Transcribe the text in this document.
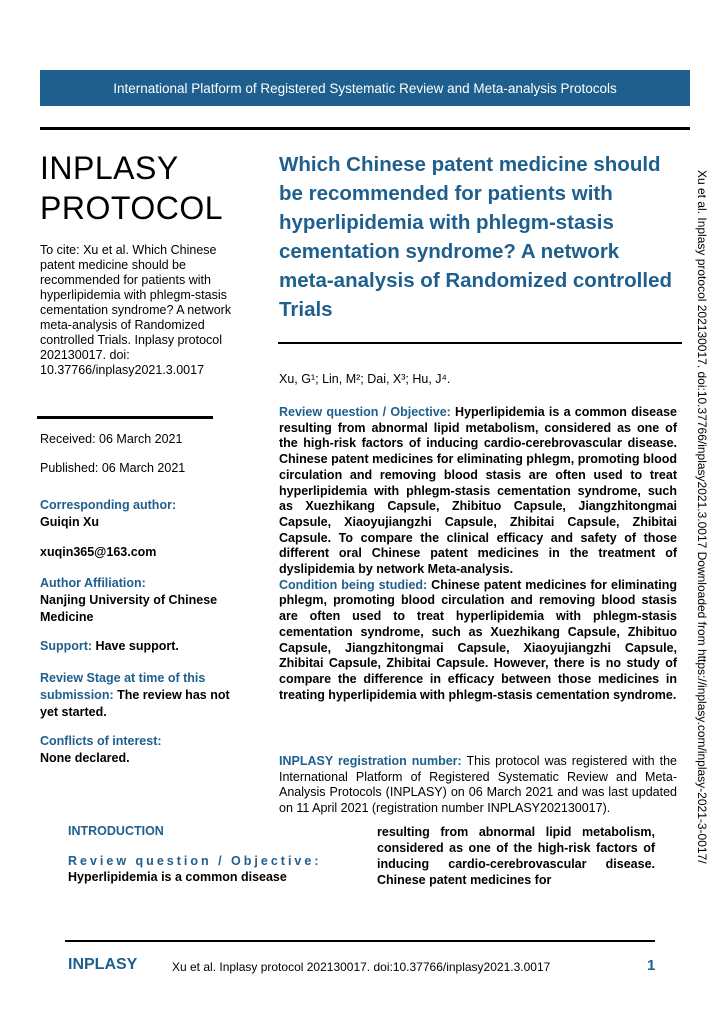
International Platform of Registered Systematic Review and Meta-analysis Protocols
INPLASY
PROTOCOL
To cite: Xu et al. Which Chinese patent medicine should be recommended for patients with hyperlipidemia with phlegm-stasis cementation syndrome? A network meta-analysis of Randomized controlled Trials. Inplasy protocol 202130017. doi:
10.37766/inplasy2021.3.0017
Received: 06 March 2021
Published: 06 March 2021
Corresponding author:
Guiqin Xu
xuqin365@163.com
Author Affiliation:
Nanjing University of Chinese Medicine
Support: Have support.
Review Stage at time of this submission: The review has not yet started.
Conflicts of interest:
None declared.
Which Chinese patent medicine should be recommended for patients with hyperlipidemia with phlegm-stasis cementation syndrome? A network meta-analysis of Randomized controlled Trials
Xu, G¹; Lin, M²; Dai, X³; Hu, J⁴.

Review question / Objective: Hyperlipidemia is a common disease resulting from abnormal lipid metabolism, considered as one of the high-risk factors of inducing cardio-cerebrovascular disease. Chinese patent medicines for eliminating phlegm, promoting blood circulation and removing blood stasis are often used to treat hyperlipidemia with phlegm-stasis cementation syndrome, such as Xuezhikang Capsule, Zhibituo Capsule, Jiangzhitongmai Capsule, Xiaoyujiangzhi Capsule, Zhibitai Capsule, Zhibitai Capsule. To compare the clinical efficacy and safety of those different oral Chinese patent medicines in the treatment of dyslipidemia by network Meta-analysis.

Condition being studied: Chinese patent medicines for eliminating phlegm, promoting blood circulation and removing blood stasis are often used to treat hyperlipidemia with phlegm-stasis cementation syndrome, such as Xuezhikang Capsule, Zhibituo Capsule, Jiangzhitongmai Capsule, Xiaoyujiangzhi Capsule, Zhibitai Capsule, Zhibitai Capsule. However, there is no study of compare the difference in efficacy between those medicines in treating hyperlipidemia with phlegm-stasis cementation syndrome.

INPLASY registration number: This protocol was registered with the International Platform of Registered Systematic Review and Meta-Analysis Protocols (INPLASY) on 06 March 2021 and was last updated on 11 April 2021 (registration number INPLASY202130017).	Xu et al. Inplasy protocol 202130017. doi:10.37766/inplasy2021.3.0017 Downloaded from https://inplasy.com/inplasy-2021-3-0017/
INTRODUCTION
Review question / Objective:
Hyperlipidemia is a common disease
resulting from abnormal lipid metabolism, considered as one of the high-risk factors of inducing cardio-cerebrovascular disease. Chinese patent medicines for
INPLASY	Xu et al. Inplasy protocol 202130017. doi:10.37766/inplasy2021.3.0017	1
